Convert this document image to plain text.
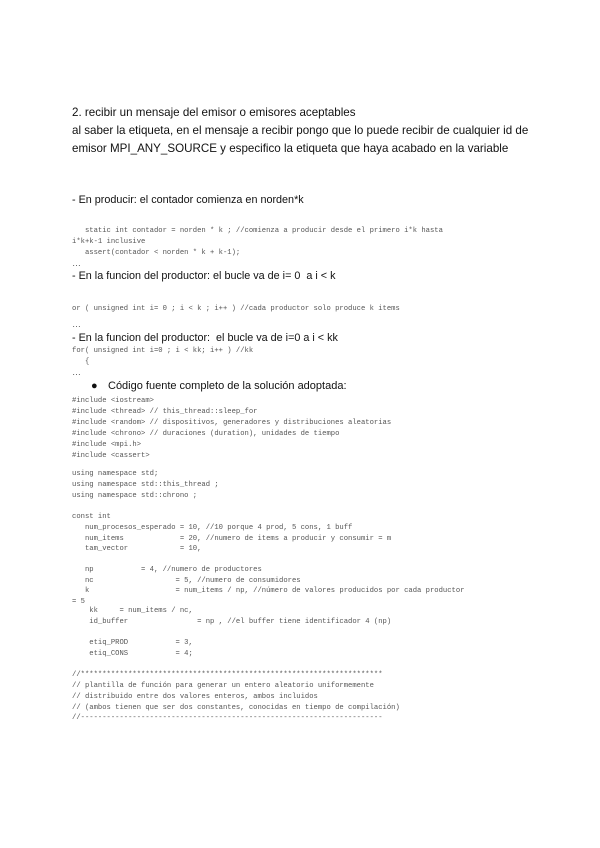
2. recibir un mensaje del emisor o emisores aceptables
al saber la etiqueta, en el mensaje a recibir pongo que lo puede recibir de cualquier id de
emisor MPI_ANY_SOURCE y especifico la etiqueta que haya acabado en la variable
- En producir: el contador comienza en norden*k
static int contador = norden * k ; //comienza a producir desde el primero i*k hasta
i*k+k-1 inclusive
assert(contador < norden * k + k-1);
…
- En la funcion del productor: el bucle va de i= 0  a i < k
or ( unsigned int i= 0 ; i < k ; i++ ) //cada productor solo produce k items
…
- En la funcion del productor:  el bucle va de i=0 a i < kk
for( unsigned int i=0 ; i < kk; i++ ) //kk
{
…
● Código fuente completo de la solución adoptada:
#include <iostream>
#include <thread> // this_thread::sleep_for
#include <random> // dispositivos, generadores y distribuciones aleatorias
#include <chrono> // duraciones (duration), unidades de tiempo
#include <mpi.h>
#include <cassert>
using namespace std;
using namespace std::this_thread ;
using namespace std::chrono ;
const int
num_procesos_esperado = 10, //10 porque 4 prod, 5 cons, 1 buff
num_items             = 20, //numero de items a producir y consumir = m
tam_vector            = 10,
np           = 4, //numero de productores
nc                   = 5, //numero de consumidores
k                    = num_items / np, //número de valores producidos por cada productor
= 5
kk     = num_items / nc,
id_buffer                = np , //el buffer tiene identificador 4 (np)
etiq_PROD           = 3,
etiq_CONS           = 4;
//**********************************************************************
// plantilla de función para generar un entero aleatorio uniformemente
// distribuido entre dos valores enteros, ambos incluidos
// (ambos tienen que ser dos constantes, conocidas en tiempo de compilación)
//----------------------------------------------------------------------
